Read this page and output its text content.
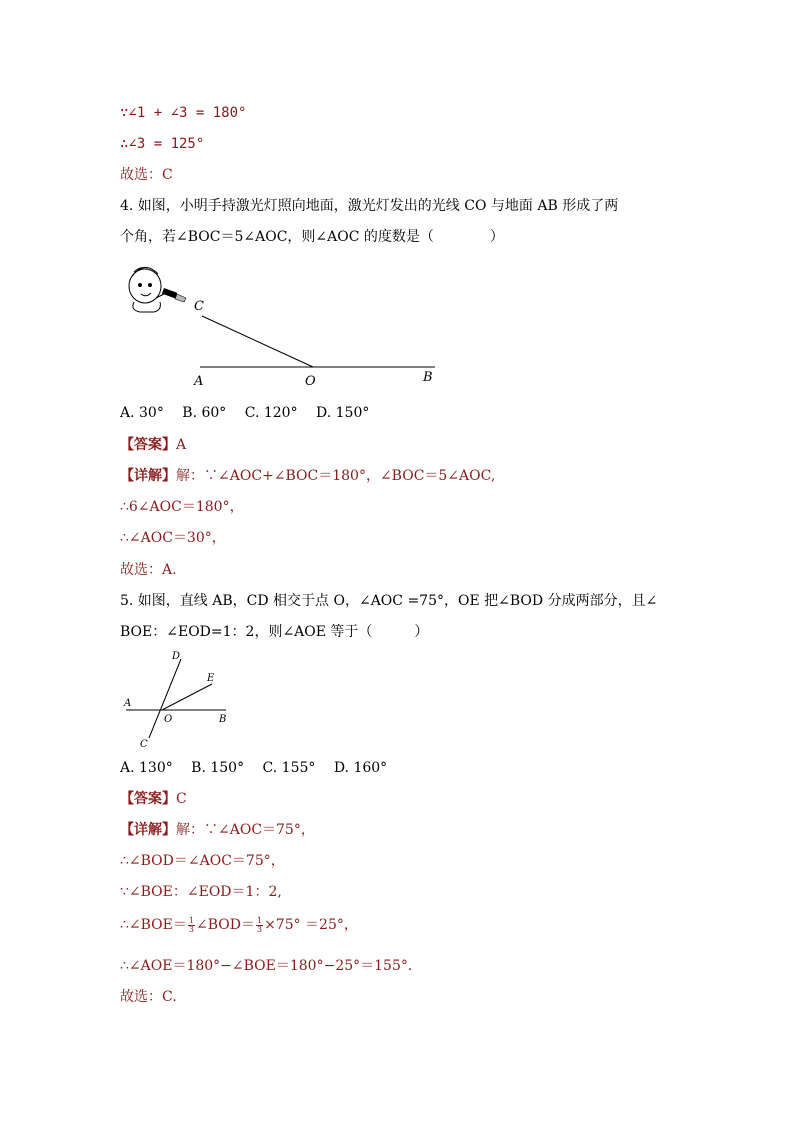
∵∠1 + ∠3 = 180°
∴∠3 = 125°
故选：C
4. 如图，小明手持激光灯照向地面，激光灯发出的光线 CO 与地面 AB 形成了两
个角，若∠BOC＝5∠AOC，则∠AOC 的度数是（　　　　）
C
A	O	B
A. 30°　 B. 60°　 C. 120°　 D. 150°
【答案】A
【详解】解：∵∠AOC+∠BOC＝180°，∠BOC＝5∠AOC,
∴6∠AOC＝180°，
∴∠AOC＝30°，
故选：A.
5. 如图，直线 AB，CD 相交于点 O，∠AOC =75°，OE 把∠BOD 分成两部分，且∠
BOE：∠EOD=1：2，则∠AOE 等于（　　　）
D
E
A
O	B
C
A. 130°　 B. 150°　 C. 155°　 D. 160°
【答案】C
【详解】解：∵∠AOC＝75°，
∴∠BOD＝∠AOC＝75°，
∵∠BOE：∠EOD＝1：2,
∴∠BOE＝ $\frac{1}{3}$ ∠BOD＝ $\frac{1}{3} \times 75^\circ =25^\circ$，
∴∠AOE＝180°−∠BOE＝180°−25°＝155°.
故选：C.
